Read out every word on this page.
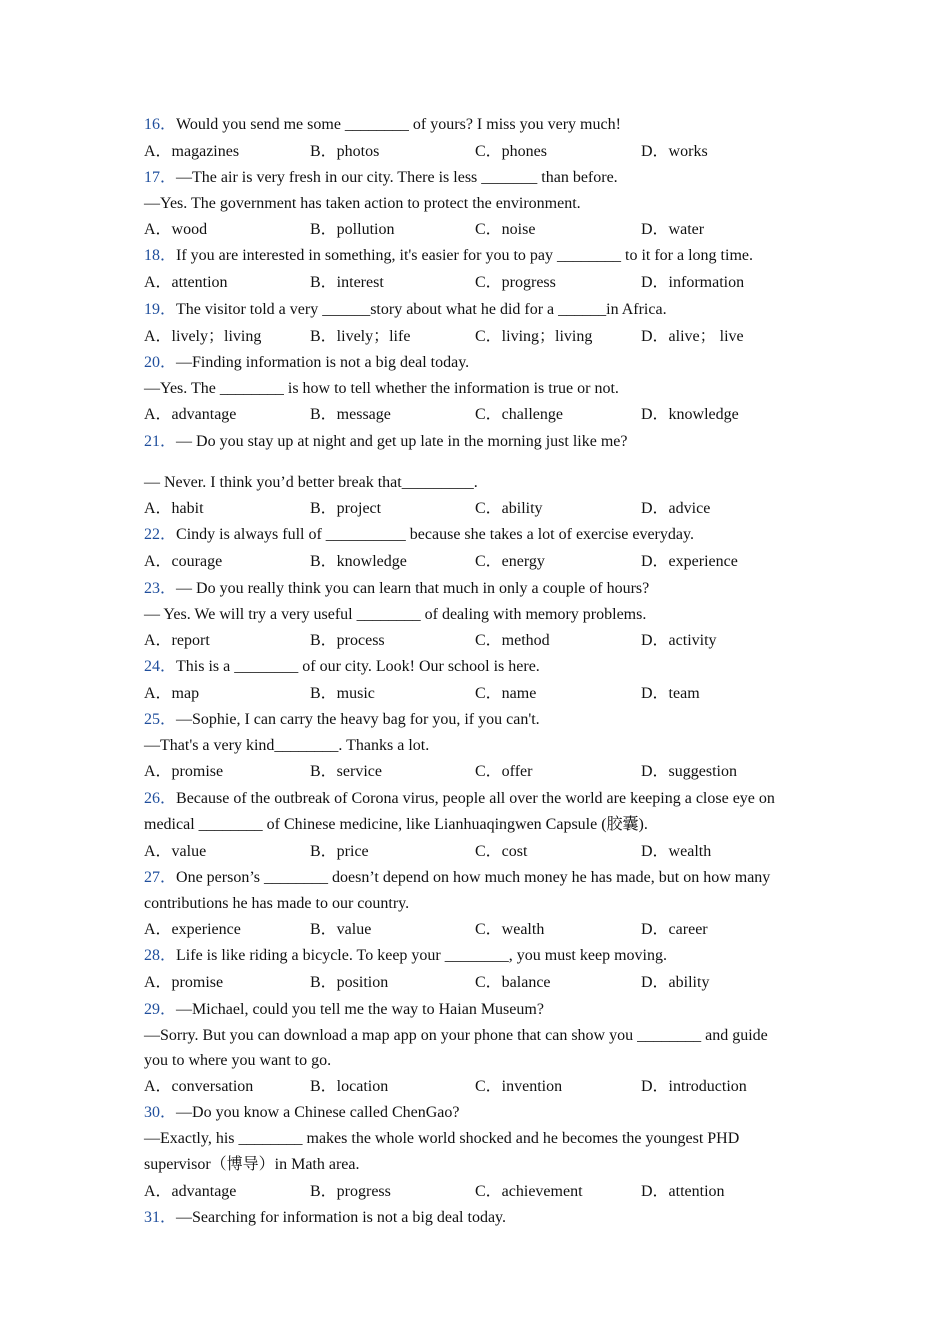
16．Would you send me some ________ of yours? I miss you very much!
A．magazines	B．photos	C．phones	D．works
17．—The air is very fresh in our city. There is less _______ than before.
—Yes. The government has taken action to protect the environment.
A．wood	B．pollution	C．noise	D．water
18．If you are interested in something, it's easier for you to pay ________ to it for a long time.
A．attention	B．interest	C．progress	D．information
19．The visitor told a very ______story about what he did for a ______in Africa.
A．lively；living	B．lively；life	C．living；living	D．alive； live
20．—Finding information is not a big deal today.
—Yes. The ________ is how to tell whether the information is true or not.
A．advantage	B．message	C．challenge	D．knowledge
21．— Do you stay up at night and get up late in the morning just like me?
— Never. I think you’d better break that_________.
A．habit	B．project	C．ability	D．advice
22．Cindy is always full of __________ because she takes a lot of exercise everyday.
A．courage	B．knowledge	C．energy	D．experience
23．— Do you really think you can learn that much in only a couple of hours?
— Yes. We will try a very useful ________ of dealing with memory problems.
A．report	B．process	C．method	D．activity
24．This is a ________ of our city. Look! Our school is here.
A．map	B．music	C．name	D．team
25．—Sophie, I can carry the heavy bag for you, if you can't.
—That's a very kind________. Thanks a lot.
A．promise	B．service	C．offer	D．suggestion
26．Because of the outbreak of Corona virus, people all over the world are keeping a close eye on
medical ________ of Chinese medicine, like Lianhuaqingwen Capsule (胶囊).
A．value	B．price	C．cost	D．wealth
27．One person’s ________ doesn’t depend on how much money he has made, but on how many
contributions he has made to our country.
A．experience	B．value	C．wealth	D．career
28．Life is like riding a bicycle. To keep your ________, you must keep moving.
A．promise	B．position	C．balance	D．ability
29．—Michael, could you tell me the way to Haian Museum?
—Sorry. But you can download a map app on your phone that can show you ________ and guide
you to where you want to go.
A．conversation	B．location	C．invention	D．introduction
30．—Do you know a Chinese called ChenGao?
—Exactly, his ________ makes the whole world shocked and he becomes the youngest PHD
supervisor（博导）in Math area.
A．advantage	B．progress	C．achievement	D．attention
31．—Searching for information is not a big deal today.
